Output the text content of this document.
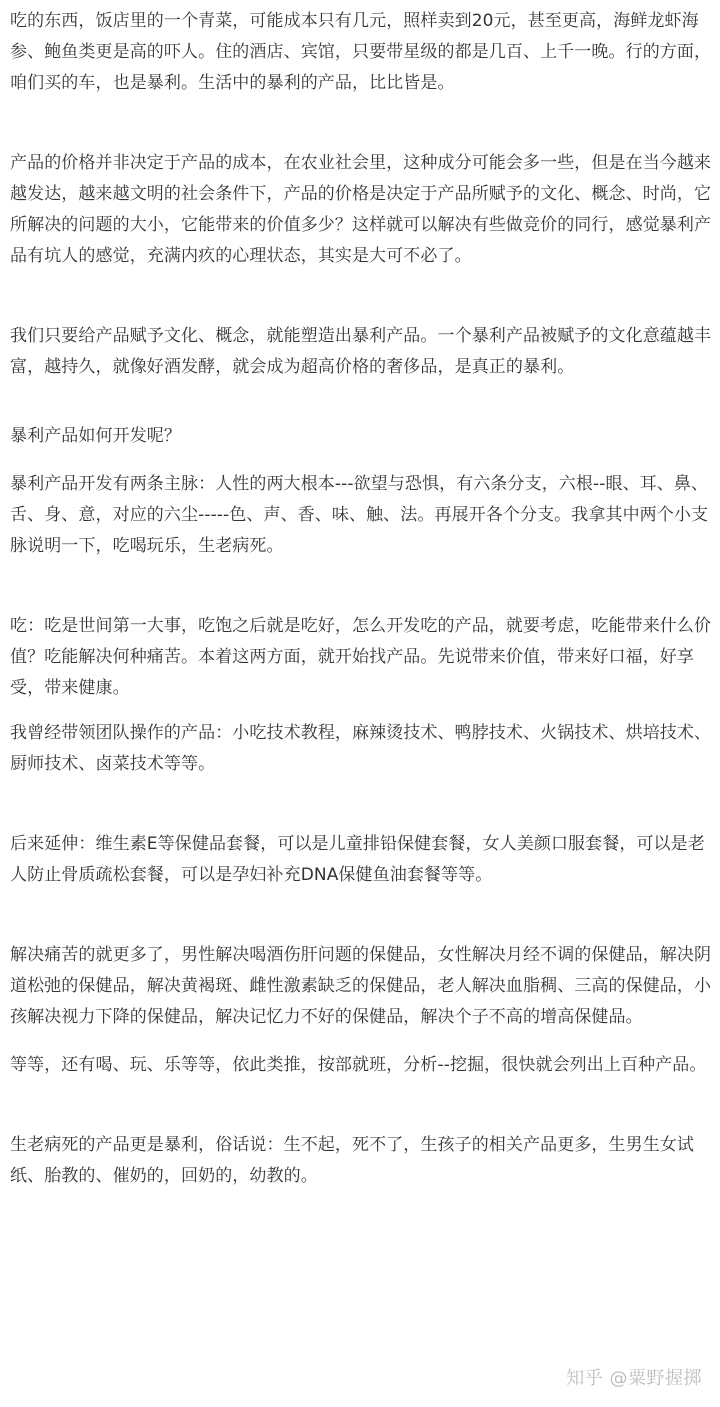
吃的东西，饭店里的一个青菜，可能成本只有几元，照样卖到20元，甚至更高，海鲜龙虾海参、鲍鱼类更是高的吓人。住的酒店、宾馆，只要带星级的都是几百、上千一晚。行的方面，咱们买的车，也是暴利。生活中的暴利的产品，比比皆是。

产品的价格并非决定于产品的成本，在农业社会里，这种成分可能会多一些，但是在当今越来越发达，越来越文明的社会条件下，产品的价格是决定于产品所赋予的文化、概念、时尚，它所解决的问题的大小，它能带来的价值多少？这样就可以解决有些做竞价的同行，感觉暴利产品有坑人的感觉，充满内疚的心理状态，其实是大可不必了。

我们只要给产品赋予文化、概念，就能塑造出暴利产品。一个暴利产品被赋予的文化意蕴越丰富，越持久，就像好酒发酵，就会成为超高价格的奢侈品，是真正的暴利。

暴利产品如何开发呢？

暴利产品开发有两条主脉：人性的两大根本---欲望与恐惧，有六条分支，六根--眼、耳、鼻、舌、身、意，对应的六尘-----色、声、香、味、触、法。再展开各个分支。我拿其中两个小支脉说明一下，吃喝玩乐，生老病死。

吃：吃是世间第一大事，吃饱之后就是吃好，怎么开发吃的产品，就要考虑，吃能带来什么价值？吃能解决何种痛苦。本着这两方面，就开始找产品。先说带来价值，带来好口福，好享受，带来健康。

我曾经带领团队操作的产品：小吃技术教程，麻辣烫技术、鸭脖技术、火锅技术、烘培技术、厨师技术、卤菜技术等等。

后来延伸：维生素E等保健品套餐，可以是儿童排铅保健套餐，女人美颜口服套餐，可以是老人防止骨质疏松套餐，可以是孕妇补充DNA保健鱼油套餐等等。

解决痛苦的就更多了，男性解决喝酒伤肝问题的保健品，女性解决月经不调的保健品，解决阴道松弛的保健品，解决黄褐斑、雌性激素缺乏的保健品，老人解决血脂稠、三高的保健品，小孩解决视力下降的保健品，解决记忆力不好的保健品，解决个子不高的增高保健品。

等等，还有喝、玩、乐等等，依此类推，按部就班，分析--挖掘，很快就会列出上百种产品。

生老病死的产品更是暴利，俗话说：生不起，死不了，生孩子的相关产品更多，生男生女试纸、胎教的、催奶的，回奶的，幼教的。

知乎 @粟野握掷
